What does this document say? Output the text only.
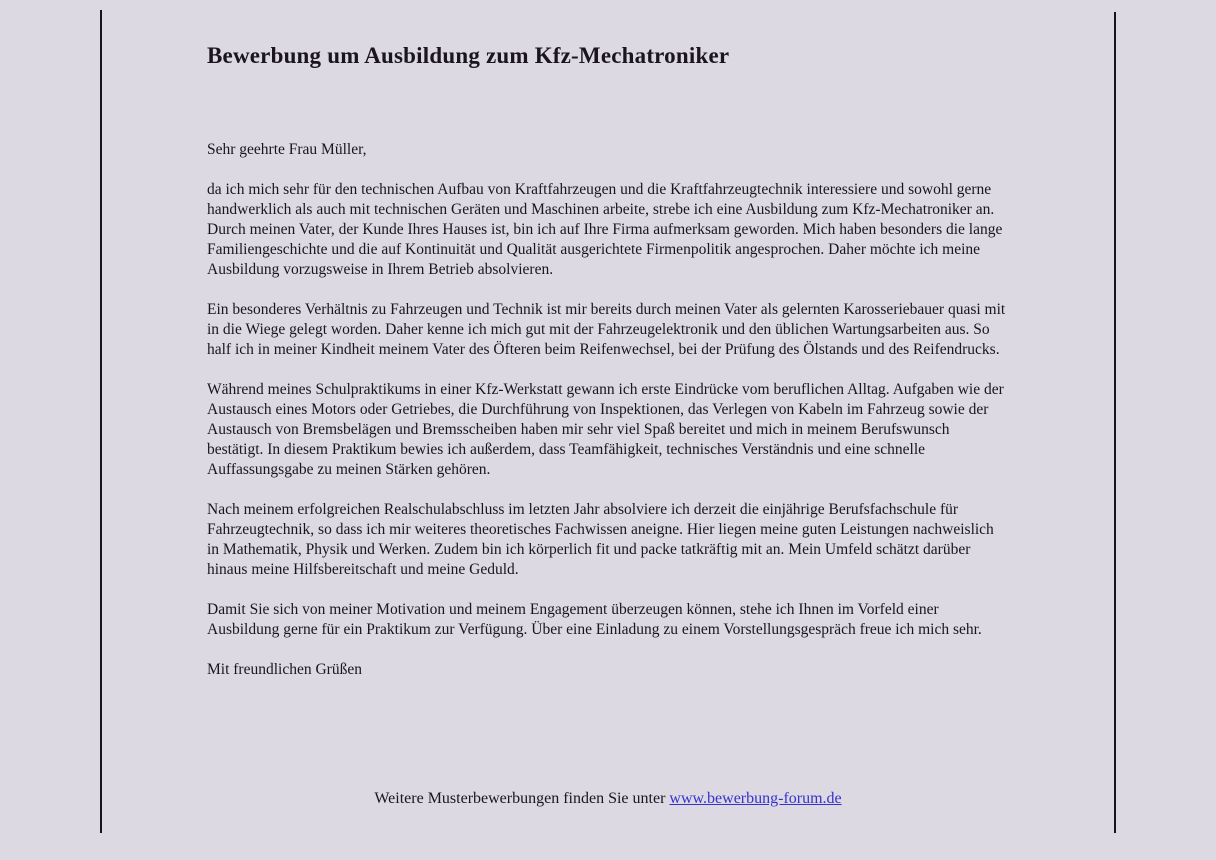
Bewerbung um Ausbildung zum Kfz-Mechatroniker

Sehr geehrte Frau Müller,

da ich mich sehr für den technischen Aufbau von Kraftfahrzeugen und die Kraftfahrzeugtechnik interessiere und sowohl gerne handwerklich als auch mit technischen Geräten und Maschinen arbeite, strebe ich eine Ausbildung zum Kfz-Mechatroniker an. Durch meinen Vater, der Kunde Ihres Hauses ist, bin ich auf Ihre Firma aufmerksam geworden. Mich haben besonders die lange Familiengeschichte und die auf Kontinuität und Qualität ausgerichtete Firmenpolitik angesprochen. Daher möchte ich meine Ausbildung vorzugsweise in Ihrem Betrieb absolvieren.

Ein besonderes Verhältnis zu Fahrzeugen und Technik ist mir bereits durch meinen Vater als gelernten Karosseriebauer quasi mit in die Wiege gelegt worden. Daher kenne ich mich gut mit der Fahrzeugelektronik und den üblichen Wartungsarbeiten aus. So half ich in meiner Kindheit meinem Vater des Öfteren beim Reifenwechsel, bei der Prüfung des Ölstands und des Reifendrucks.

Während meines Schulpraktikums in einer Kfz-Werkstatt gewann ich erste Eindrücke vom beruflichen Alltag. Aufgaben wie der Austausch eines Motors oder Getriebes, die Durchführung von Inspektionen, das Verlegen von Kabeln im Fahrzeug sowie der Austausch von Bremsbelägen und Bremsscheiben haben mir sehr viel Spaß bereitet und mich in meinem Berufswunsch bestätigt. In diesem Praktikum bewies ich außerdem, dass Teamfähigkeit, technisches Verständnis und eine schnelle Auffassungsgabe zu meinen Stärken gehören.

Nach meinem erfolgreichen Realschulabschluss im letzten Jahr absolviere ich derzeit die einjährige Berufsfachschule für Fahrzeugtechnik, so dass ich mir weiteres theoretisches Fachwissen aneigne. Hier liegen meine guten Leistungen nachweislich in Mathematik, Physik und Werken. Zudem bin ich körperlich fit und packe tatkräftig mit an. Mein Umfeld schätzt darüber hinaus meine Hilfsbereitschaft und meine Geduld.

Damit Sie sich von meiner Motivation und meinem Engagement überzeugen können, stehe ich Ihnen im Vorfeld einer Ausbildung gerne für ein Praktikum zur Verfügung. Über eine Einladung zu einem Vorstellungsgespräch freue ich mich sehr.

Mit freundlichen Grüßen

Weitere Musterbewerbungen finden Sie unter www.bewerbung-forum.de
